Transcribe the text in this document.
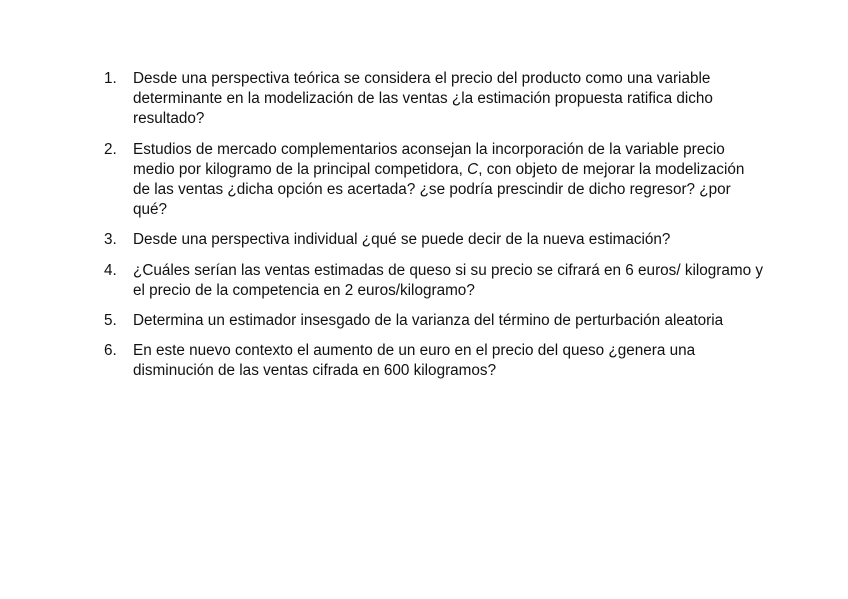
1. Desde una perspectiva teórica se considera el precio del producto como una variable determinante en la modelización de las ventas ¿la estimación propuesta ratifica dicho resultado?
2. Estudios de mercado complementarios aconsejan la incorporación de la variable precio medio por kilogramo de la principal competidora, C, con objeto de mejorar la modelización de las ventas ¿dicha opción es acertada? ¿se podría prescindir de dicho regresor? ¿por qué?
3. Desde una perspectiva individual ¿qué se puede decir de la nueva estimación?
4. ¿Cuáles serían las ventas estimadas de queso si su precio se cifrará en 6 euros/ kilogramo y el precio de la competencia en 2 euros/kilogramo?
5. Determina un estimador insesgado de la varianza del término de perturbación aleatoria
6. En este nuevo contexto el aumento de un euro en el precio del queso ¿genera una disminución de las ventas cifrada en 600 kilogramos?
